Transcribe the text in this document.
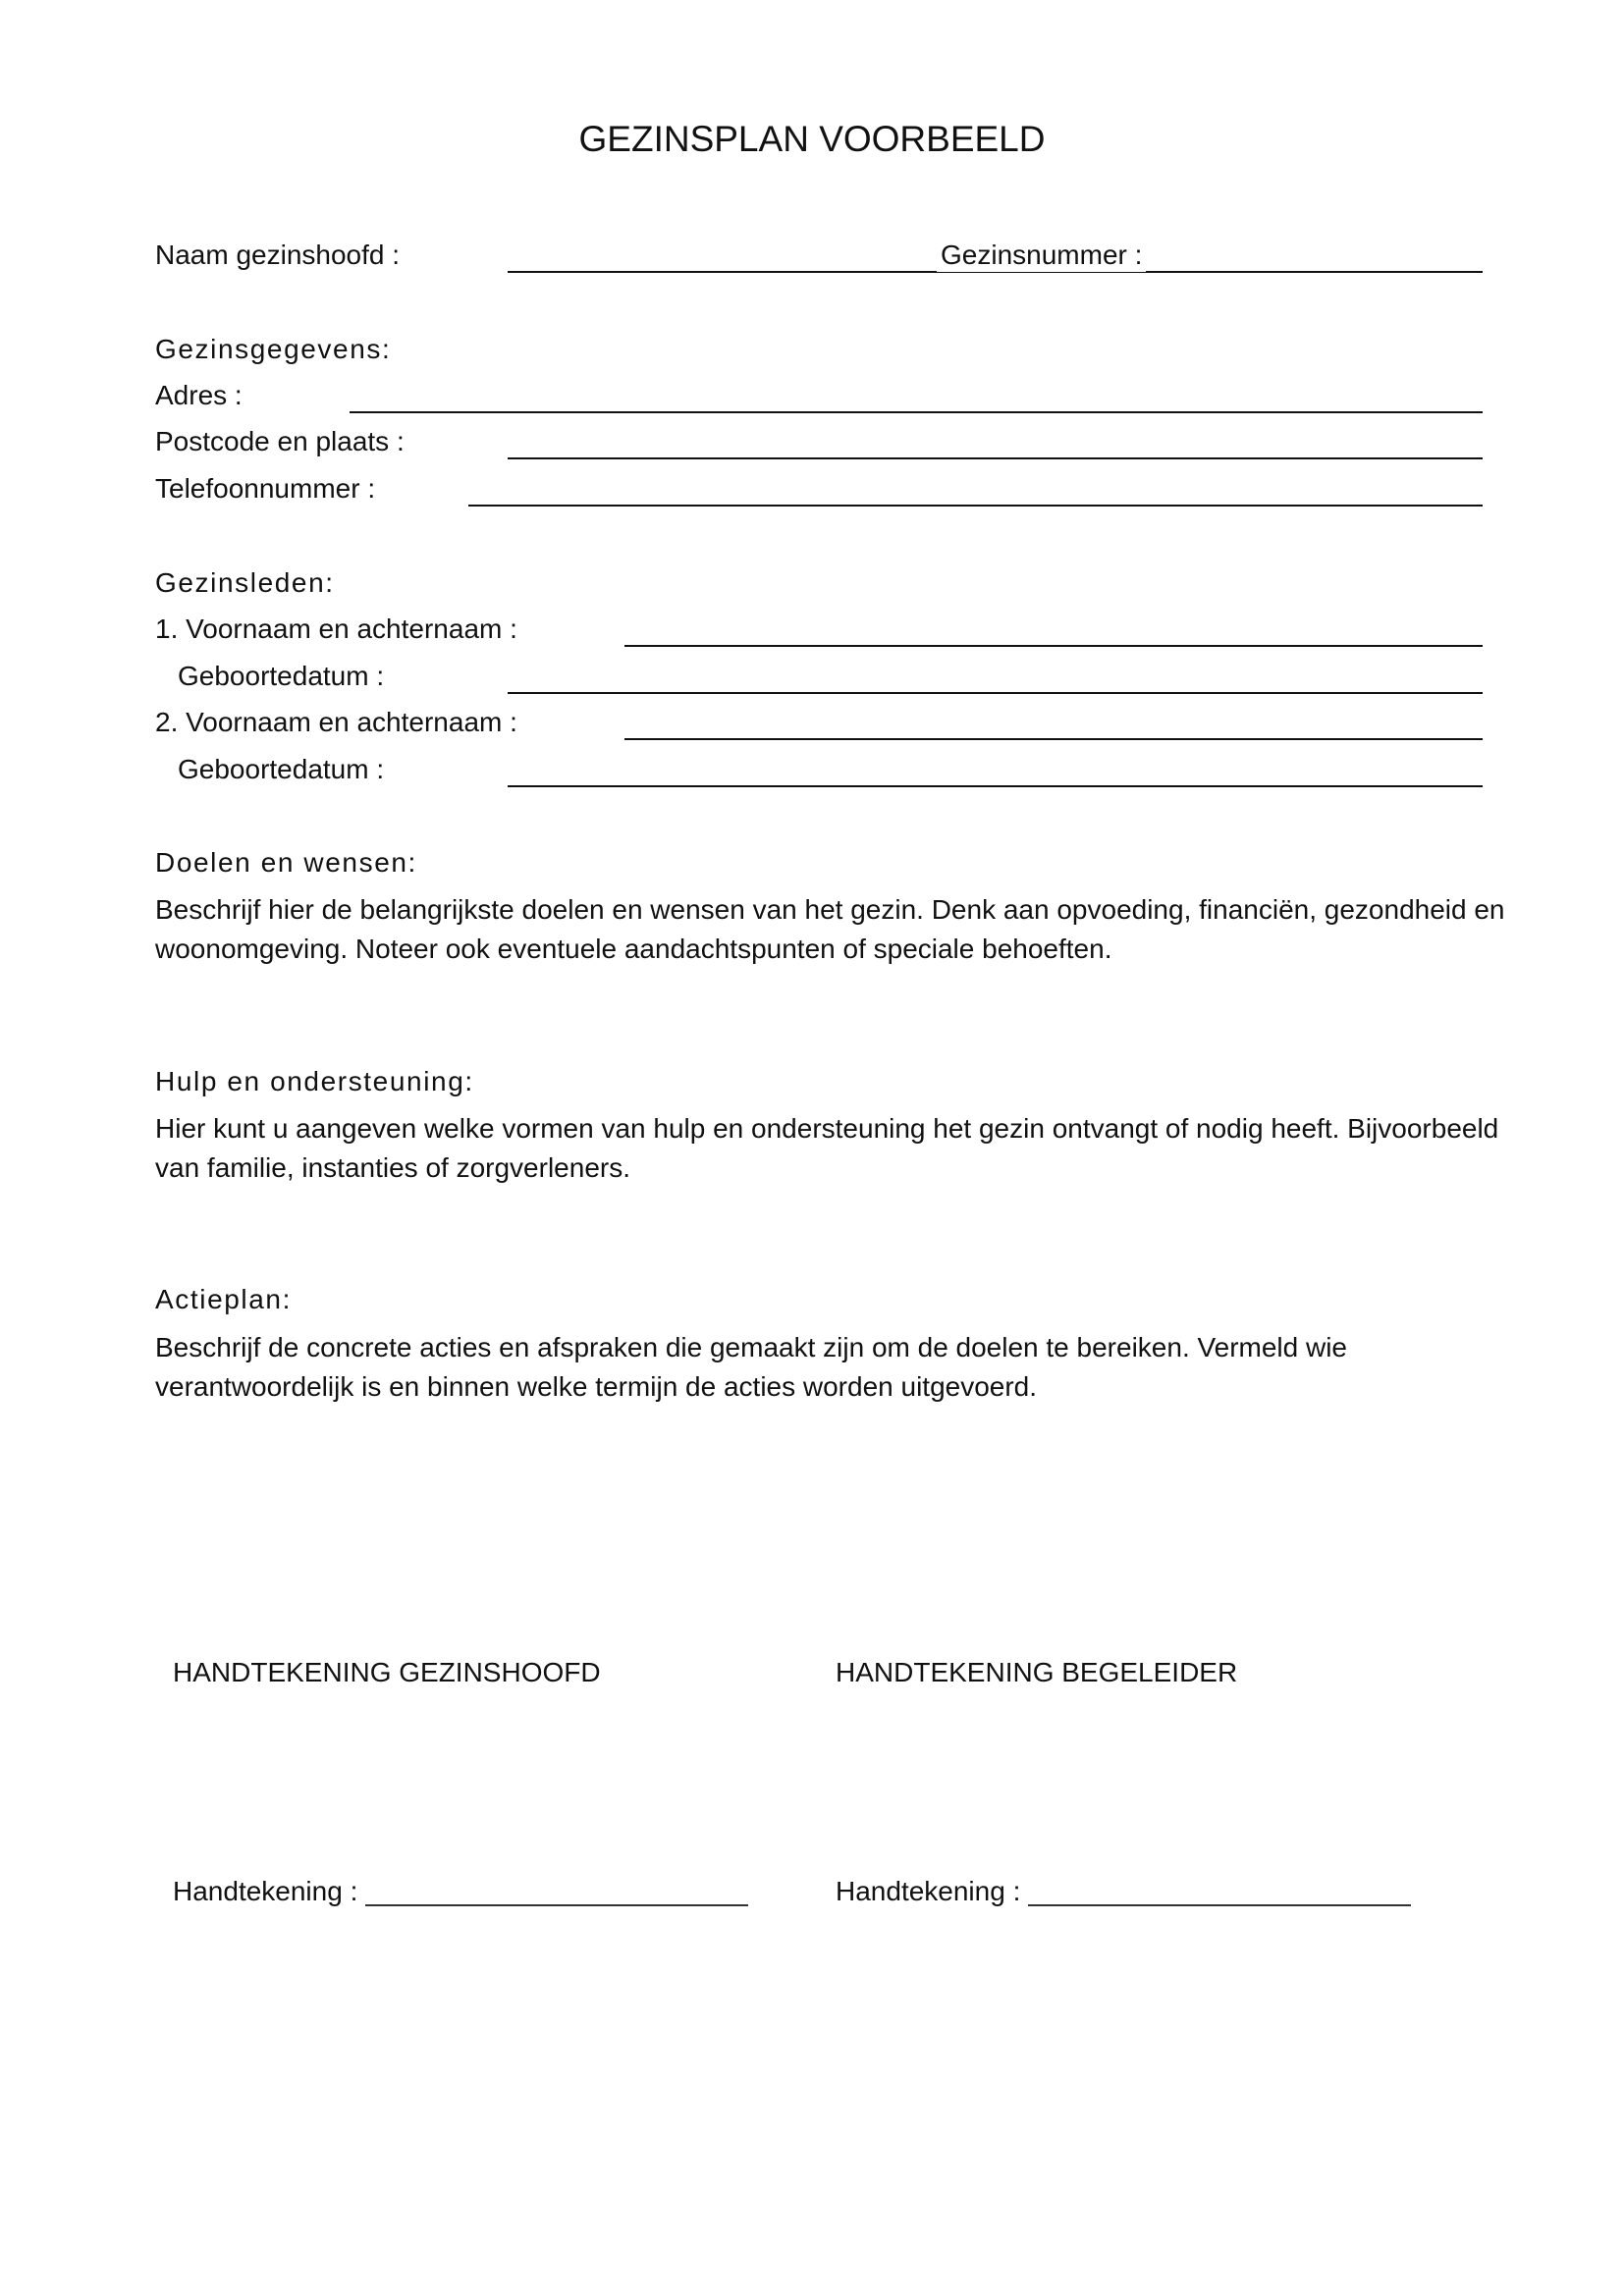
GEZINSPLAN VOORBEELD
Naam gezinshoofd :	Gezinsnummer :
Gezinsgegevens:
Adres :
Postcode en plaats :
Telefoonnummer :
Gezinsleden:
1. Voornaam en achternaam :
Geboortedatum :
2. Voornaam en achternaam :
Geboortedatum :
Doelen en wensen:
Beschrijf hier de belangrijkste doelen en wensen van het gezin. Denk aan opvoeding, financiën, gezondheid en woonomgeving. Noteer ook eventuele aandachtspunten of speciale behoeften.
Hulp en ondersteuning:
Hier kunt u aangeven welke vormen van hulp en ondersteuning het gezin ontvangt of nodig heeft. Bijvoorbeeld van familie, instanties of zorgverleners.
Actieplan:
Beschrijf de concrete acties en afspraken die gemaakt zijn om de doelen te bereiken. Vermeld wie verantwoordelijk is en binnen welke termijn de acties worden uitgevoerd.
HANDTEKENING GEZINSHOOFD	HANDTEKENING BEGELEIDER
Handtekening :	Handtekening :
